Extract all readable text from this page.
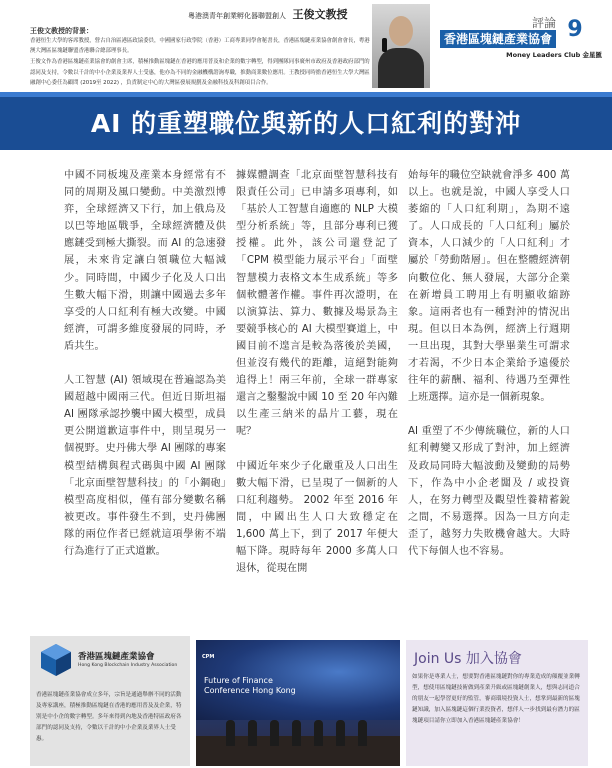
粵港澳青年創業孵化器聯盟創人 王俊文教授
王俊文教授的背景：

香港恒生大學的客席教授，營古自治區港區政協委員，中國國家行政學院（香港）工商專業同學會秘書長，香港區塊鏈產業協會創會會長，粵港澳大灣區區塊鏈聯盟香港聯合總部理事長。

王俊文作為香港區塊鏈產業協會的創會主席，積極推動區塊鏈在香港的應用普及和企業的數字轉型，得到團隊同事廣州市政府及香港政府部門的認同及支持，令數以千計的中小企業及業界人士受惠，他亦為不同的金融機構諮詢專職，推動商業數位應用。王教授同時擔香港恒生大學大灣區融創中心委任為顧問 (2019至 2022) ，負責制定中心的大灣區發展規劃及金融科技及科創項目合作。

評論
香港區塊鏈產業協會 9
Money Leaders Club 金星匯
AI 的重塑職位與新的人口紅利的對沖

中國不同板塊及產業本身經常有不同的周期及風口變動。中美激烈博弈，全球經濟又下行，加上俄烏及以巴等地區戰爭，全球經濟體及供應鏈受到極大撕裂。而 AI 的急速發展，未來肯定讓白領職位大幅減少。同時間，中國少子化及人口出生數大幅下滑，則讓中國過去多年享受的人口紅利有極大改變。中國經濟，可謂多維度發展的同時，矛盾共生。

人工智慧 (AI) 領域現在普遍認為美國超越中國兩三代。但近日斯坦福 AI 團隊承認抄襲中國大模型，成員更公開道歉這事件中，則呈現另一個視野。史丹佛大學 AI 團隊的專案模型結構與程式碼與中國 AI 團隊「北京面壁智慧科技」的「小鋼砲」模型高度相似，僅有部分變數名稱被更改。事件發生不到，史丹佛團隊的兩位作者已經就這項學術不端行為進行了正式道歉。

據媒體調查「北京面壁智慧科技有限責任公司」已申請多項專利，如「基於人工智慧自適應的 NLP 大模型分析系統」等，且部分專利已獲授權。此外，該公司還登記了「CPM 模型能力展示平台」「面壁智慧模力表格文本生成系統」等多個軟體著作權。事件再次證明，在以演算法、算力、數據及場景為主要競爭核心的 AI 大模型賽道上，中國目前不遑言是較為落後於美國，但並沒有幾代的距離，這絕對能夠追得上！兩三年前，全球一群專家還言之鑿鑿說中國 10 至 20 年內難以生產三納米的晶片工藝，現在呢？

中國近年來少子化嚴重及人口出生數大幅下滑，已呈現了一個新的人口紅利趨勢。 2002 年至 2016 年間，中國出生人口大致穩定在 1,600 萬上下，到了 2017 年便大幅下降。現時每年 2000 多萬人口退休，從現在開

始每年的職位空缺就會淨多 400 萬以上。也就是說，中國人享受人口萎縮的「人口紅利期」，為期不遠了。人口成長的「人口紅利」屬於資本，人口減少的「人口紅利」才屬於「勞動階層」。但在整體經濟朝向數位化、無人發展，大部分企業在新增員工聘用上有明顯收縮跡象。這兩者也有一種對沖的情況出現。但以日本為例，經濟上行週期一旦出現，其對大學畢業生可謂求才若渴，不少日本企業給予遠優於往年的薪酬、福利、待遇乃至彈性上班選擇。這亦是一個新現象。

AI 重塑了不少傳統職位，新的人口紅利轉變又形成了對沖，加上經濟及政局同時大幅波動及變動的局勢下，作為中小企老闆及 / 或投資人，在努力轉型及觀望性養精蓄銳之間，不易選擇。因為一旦方向走歪了，越努力失敗機會越大。大時代下每個人也不容易。

香港區塊鏈產業協會
Hong Kong Blockchain Industry Association
香港區塊鏈產業協會成立多年，宗旨是通過舉辦不同的活動及專家講座，積極推動區塊鏈在香港的應用普及及企業，特別是中小企的數字轉型。多年來得到內地及香港特區政府各部門的認同及支持，令數以千計的中小企業及業界人士受惠。
CPM
Future of Finance
Conference Hong Kong
Join Us 加入協會
如果你是專業人士，想要對香港區塊鏈對你的專業造成的顛覆並業轉型，想使用區塊鏈技術做到產業升級或區塊鏈創業人，想與志同道合的朋友一起學習更好的監管，審商環境投資人士，想掌到最新的區塊鏈知識，加入區塊鏈這個行業投資者，想伴人一步找到最有潛力的區塊鏈項目請你立即加入香港區塊鏈產業協會！
